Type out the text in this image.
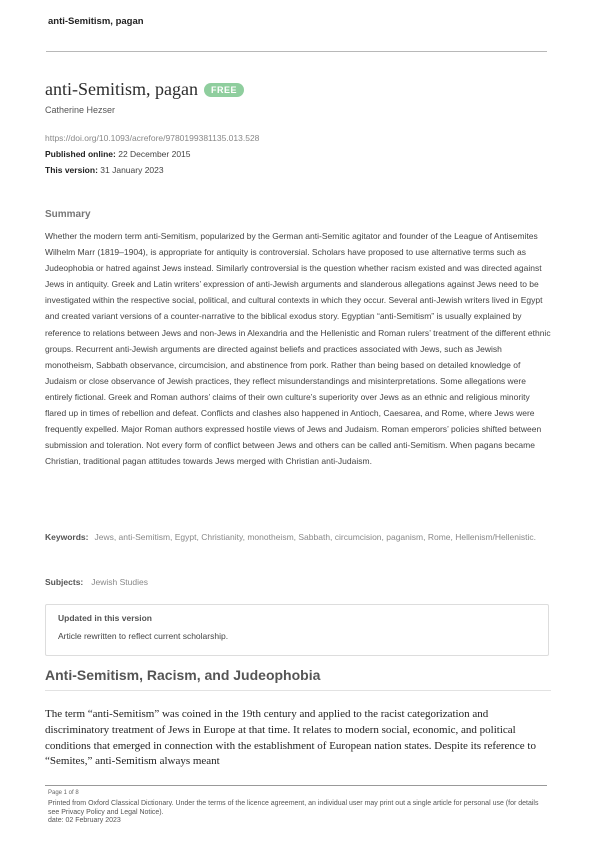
anti-Semitism, pagan
anti-Semitism, pagan	FREE
Catherine Hezser
https://doi.org/10.1093/acrefore/9780199381135.013.528
Published online: 22 December 2015
This version: 31 January 2023
Summary

Whether the modern term anti-Semitism, popularized by the German anti-Semitic agitator and founder of the League of Antisemites Wilhelm Marr (1819–1904), is appropriate for antiquity is controversial. Scholars have proposed to use alternative terms such as Judeophobia or hatred against Jews instead. Similarly controversial is the question whether racism existed and was directed against Jews in antiquity. Greek and Latin writers’ expression of anti-Jewish arguments and slanderous allegations against Jews need to be investigated within the respective social, political, and cultural contexts in which they occur. Several anti-Jewish writers lived in Egypt and created variant versions of a counter-narrative to the biblical exodus story. Egyptian “anti-Semitism” is usually explained by reference to relations between Jews and non-Jews in Alexandria and the Hellenistic and Roman rulers’ treatment of the different ethnic groups. Recurrent anti-Jewish arguments are directed against beliefs and practices associated with Jews, such as Jewish monotheism, Sabbath observance, circumcision, and abstinence from pork. Rather than being based on detailed knowledge of Judaism or close observance of Jewish practices, they reflect misunderstandings and misinterpretations. Some allegations were entirely fictional. Greek and Roman authors’ claims of their own culture’s superiority over Jews as an ethnic and religious minority flared up in times of rebellion and defeat. Conflicts and clashes also happened in Antioch, Caesarea, and Rome, where Jews were frequently expelled. Major Roman authors expressed hostile views of Jews and Judaism. Roman emperors’ policies shifted between submission and toleration. Not every form of conflict between Jews and others can be called anti-Semitism. When pagans became Christian, traditional pagan attitudes towards Jews merged with Christian anti-Judaism.

Keywords: Jews, anti-Semitism, Egypt, Christianity, monotheism, Sabbath, circumcision, paganism, Rome, Hellenism/Hellenistic.
Subjects: Jewish Studies
Updated in this version
Article rewritten to reflect current scholarship.
Anti-Semitism, Racism, and Judeophobia

The term “anti-Semitism” was coined in the 19th century and applied to the racist categorization and discriminatory treatment of Jews in Europe at that time. It relates to modern social, economic, and political conditions that emerged in connection with the establishment of European nation states. Despite its reference to “Semites,” anti-Semitism always meant

Page 1 of 8
Printed from Oxford Classical Dictionary. Under the terms of the licence agreement, an individual user may print out a single article for personal use (for details see Privacy Policy and Legal Notice).
date: 02 February 2023
